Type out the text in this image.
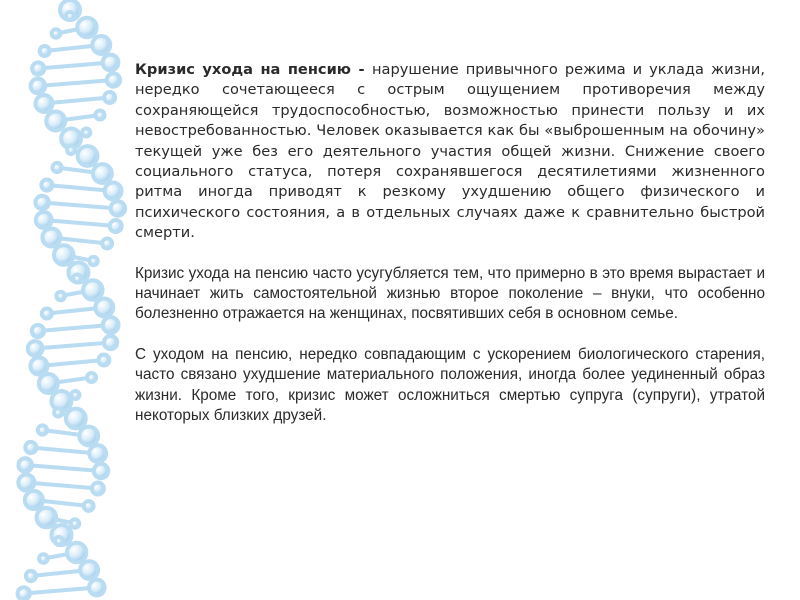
Кризис ухода на пенсию - нарушение привычного режима и уклада жизни, нередко сочетающееся с острым ощущением противоречия между сохраняющейся трудоспособностью, возможностью принести пользу и их невостребованностью. Человек оказывается как бы «выброшенным на обочину» текущей уже без его деятельного участия общей жизни. Снижение своего социального статуса, потеря сохранявшегося десятилетиями жизненного ритма иногда приводят к резкому ухудшению общего физического и психического состояния, а в отдельных случаях даже к сравнительно быстрой смерти.

Кризис ухода на пенсию часто усугубляется тем, что примерно в это время вырастает и начинает жить самостоятельной жизнью второе поколение – внуки, что особенно болезненно отражается на женщинах, посвятивших себя в основном семье.

С уходом на пенсию, нередко совпадающим с ускорением биологического старения, часто связано ухудшение материального положения, иногда более уединенный образ жизни. Кроме того, кризис может осложниться смертью супруга (супруги), утратой некоторых близких друзей.
